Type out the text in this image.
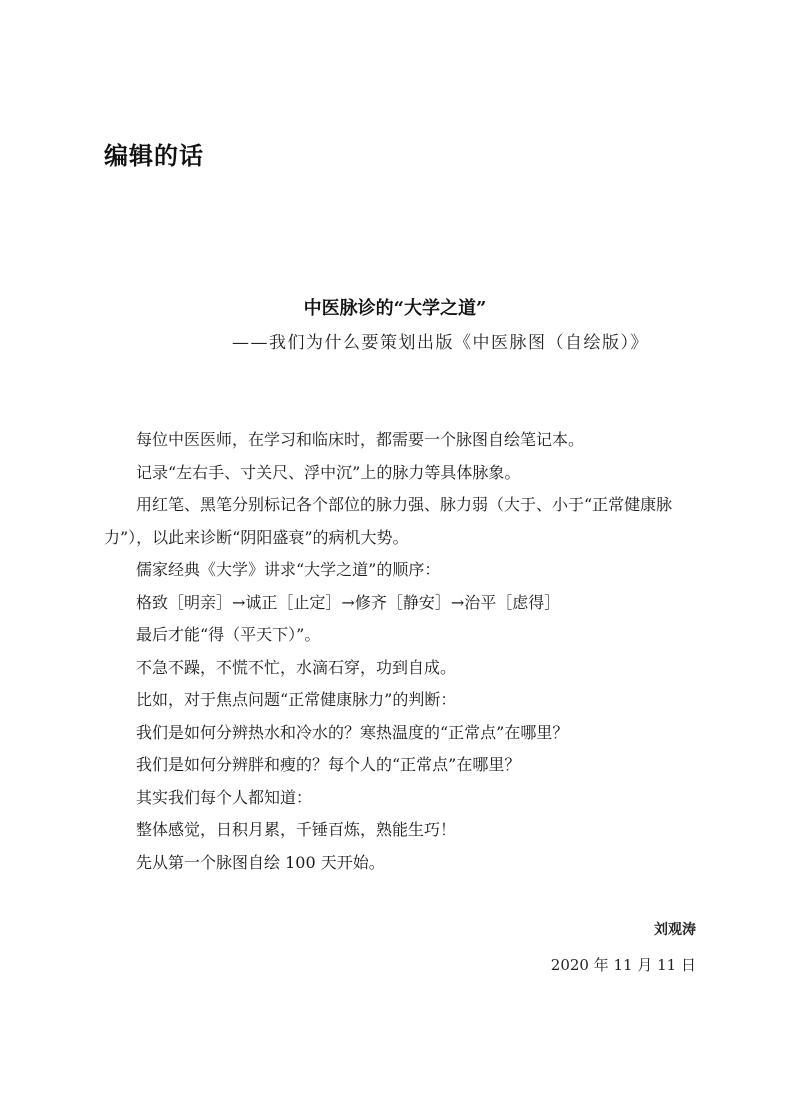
编辑的话
中医脉诊的“大学之道”
——我们为什么要策划出版《中医脉图（自绘版）》

每位中医医师，在学习和临床时，都需要一个脉图自绘笔记本。

记录“左右手、寸关尺、浮中沉”上的脉力等具体脉象。

用红笔、黑笔分别标记各个部位的脉力强、脉力弱（大于、小于“正常健康脉力”），以此来诊断“阴阳盛衰”的病机大势。

儒家经典《大学》讲求“大学之道”的顺序：

格致［明亲］→诚正［止定］→修齐［静安］→治平［虑得］

最后才能“得（平天下）”。

不急不躁，不慌不忙，水滴石穿，功到自成。

比如，对于焦点问题“正常健康脉力”的判断：

我们是如何分辨热水和冷水的？寒热温度的“正常点”在哪里？

我们是如何分辨胖和瘦的？每个人的“正常点”在哪里？

其实我们每个人都知道：

整体感觉，日积月累，千锤百炼，熟能生巧！

先从第一个脉图自绘 100 天开始。

刘观涛
2020 年 11 月 11 日
